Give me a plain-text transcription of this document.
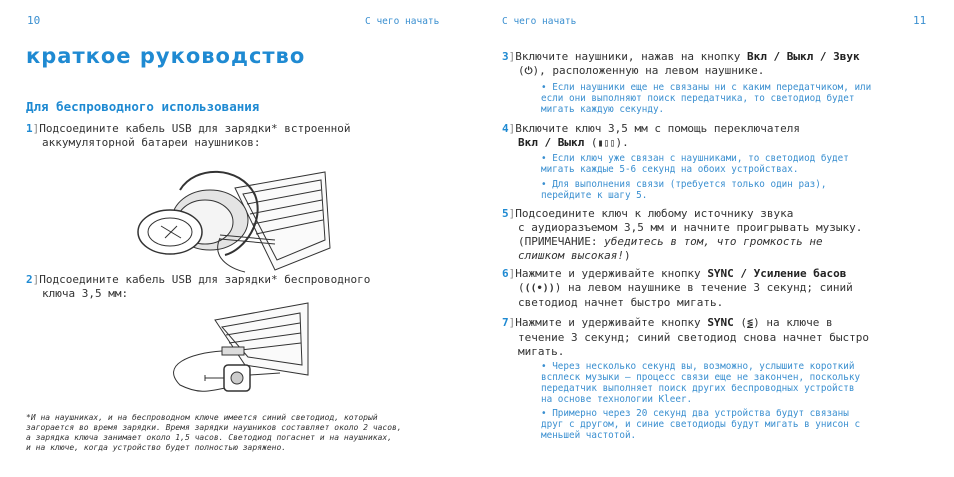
10	С чего начать
краткое руководство
Для беспроводного использования
1]Подсоедините кабель USB для зарядки* встроенной
аккумуляторной батареи наушников:
2]Подсоедините кабель USB для зарядки* беспроводного
ключа 3,5 мм:
*И на наушниках, и на беспроводном ключе имеется синий светодиод, который
загорается во время зарядки. Время зарядки наушников составляет около 2 часов,
а зарядка ключа занимает около 1,5 часов. Светодиод погаснет и на наушниках,
и на ключе, когда устройство будет полностью заряжено.
С чего начать	11
3]Включите наушники, нажав на кнопку Вкл / Выкл / Звук
(⏻), расположенную на левом наушнике.
• Если наушники еще не связаны ни с каким передатчиком, или
если они выполняют поиск передатчика, то светодиод будет
мигать каждую секунду.
4]Включите ключ 3,5 мм с помощь переключателя
Вкл / Выкл (▮▯▯).
• Если ключ уже связан с наушниками, то светодиод будет
мигать каждые 5-6 секунд на обоих устройствах.
• Для выполнения связи (требуется только один раз),
перейдите к шагу 5.
5]Подсоедините ключ к любому источнику звука
с аудиоразъемом 3,5 мм и начните проигрывать музыку.
(ПРИМЕЧАНИЕ: убедитесь в том, что громкость не
слишком высокая!)
6]Нажмите и удерживайте кнопку SYNC / Усиление басов
(((•))) на левом наушнике в течение 3 секунд; синий
светодиод начнет быстро мигать.
7]Нажмите и удерживайте кнопку SYNC (≶) на ключе в
течение 3 секунд; синий светодиод снова начнет быстро
мигать.
• Через несколько секунд вы, возможно, услышите короткий
всплеск музыки — процесс связи еще не закончен, поскольку
передатчик выполняет поиск других беспроводных устройств
на основе технологии Kleer.
• Примерно через 20 секунд два устройства будут связаны
друг с другом, и синие светодиоды будут мигать в унисон с
меньшей частотой.
